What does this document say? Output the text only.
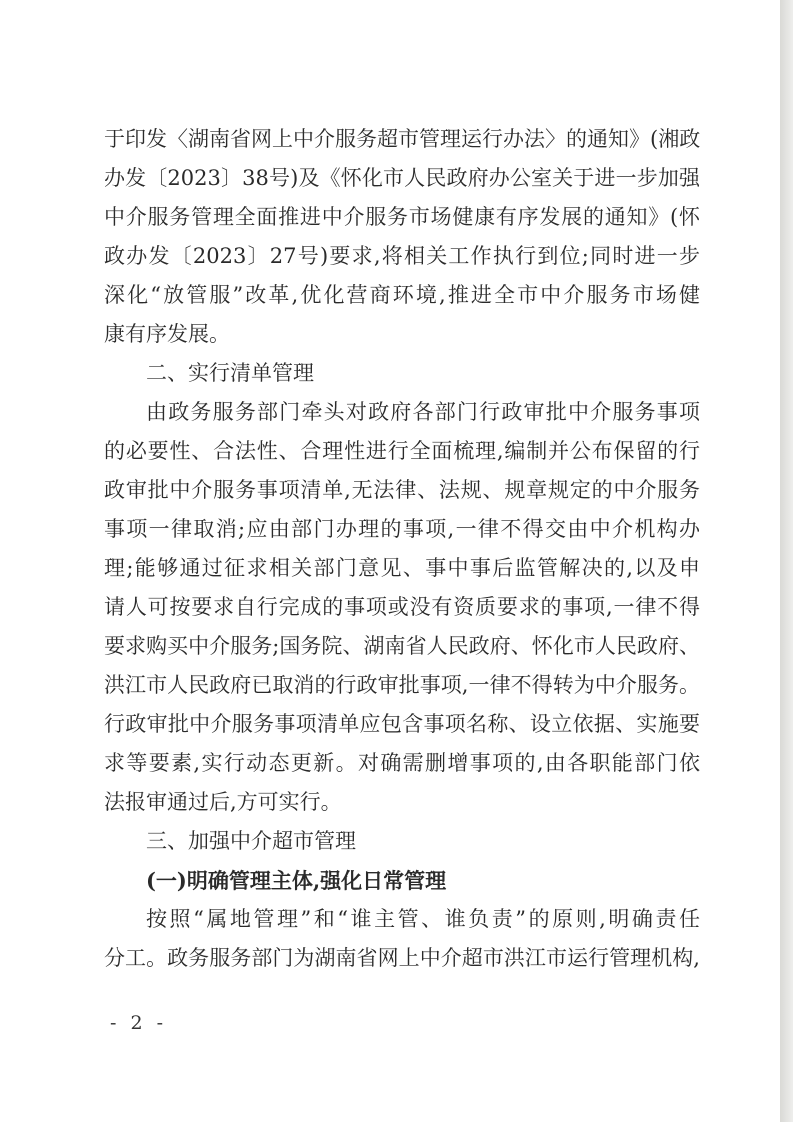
于印发〈湖南省网上中介服务超市管理运行办法〉的通知》(湘政
办发〔2023〕38号)及《怀化市人民政府办公室关于进一步加强
中介服务管理全面推进中介服务市场健康有序发展的通知》(怀
政办发〔2023〕27号)要求,将相关工作执行到位;同时进一步
深化“放管服”改革,优化营商环境,推进全市中介服务市场健
康有序发展。
二、实行清单管理
由政务服务部门牵头对政府各部门行政审批中介服务事项
的必要性、合法性、合理性进行全面梳理,编制并公布保留的行
政审批中介服务事项清单,无法律、法规、规章规定的中介服务
事项一律取消;应由部门办理的事项,一律不得交由中介机构办
理;能够通过征求相关部门意见、事中事后监管解决的,以及申
请人可按要求自行完成的事项或没有资质要求的事项,一律不得
要求购买中介服务;国务院、湖南省人民政府、怀化市人民政府、
洪江市人民政府已取消的行政审批事项,一律不得转为中介服务。
行政审批中介服务事项清单应包含事项名称、设立依据、实施要
求等要素,实行动态更新。对确需删增事项的,由各职能部门依
法报审通过后,方可实行。
三、加强中介超市管理
(一)明确管理主体,强化日常管理
按照“属地管理”和“谁主管、谁负责”的原则,明确责任
分工。政务服务部门为湖南省网上中介超市洪江市运行管理机构,
- 2 -
